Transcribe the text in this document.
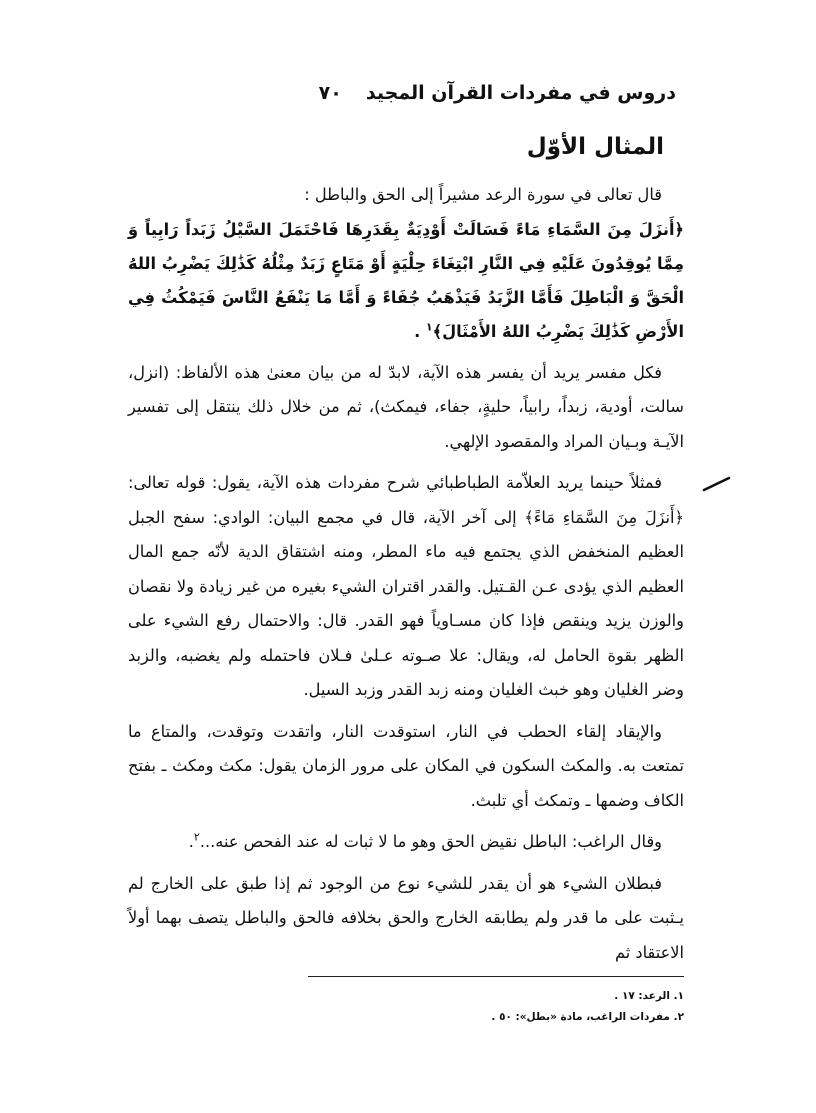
دروس في مفردات القرآن المجيد
٧٠
المثال الأوّل

قال تعالى في سورة الرعد مشيراً إلى الحق والباطل :

﴿أَنزَلَ مِنَ السَّمَاءِ مَاءً فَسَالَتْ أَوْدِيَةٌ بِقَدَرِهَا فَاحْتَمَلَ السَّيْلُ زَبَداً رَابِياً وَ مِمَّا يُوقِدُونَ عَلَيْهِ فِي النَّارِ ابْتِغَاءَ حِلْيَةٍ أَوْ مَتَاعٍ زَبَدٌ مِثْلُهُ كَذَٰلِكَ يَضْرِبُ اللهُ الْحَقَّ وَ الْبَاطِلَ فَأَمَّا الزَّبَدُ فَيَذْهَبُ جُفَاءً وَ أَمَّا مَا يَنْفَعُ النَّاسَ فَيَمْكُثُ فِي الأَرْضِ كَذَٰلِكَ يَضْرِبُ اللهُ الأَمْثَالَ﴾$^١$ .

فكل مفسر يريد أن يفسر هذه الآية، لابدّ له من بيان معنىٰ هذه الألفاظ: (انزل، سالت، أودية، زبداً، رابياً، حليةٍ، جفاء، فيمكث)، ثم من خلال ذلك ينتقل إلى تفسير الآيـة وبـيان المراد والمقصود الإلهي.

فمثلاً حينما يريد العلاّمة الطباطبائي شرح مفردات هذه الآية، يقول: قوله تعالى: ﴿أَنزَلَ مِنَ السَّمَاءِ مَاءً﴾ إلى آخر الآية، قال في مجمع البيان: الوادي: سفح الجبل العظيم المنخفض الذي يجتمع فيه ماء المطر، ومنه اشتقاق الدية لأنّه جمع المال العظيم الذي يؤدى عـن القـتيل. والقدر اقتران الشيء بغيره من غير زيادة ولا نقصان والوزن يزيد وينقص فإذا كان مسـاوياً فهو القدر. قال: والاحتمال رفع الشيء على الظهر بقوة الحامل له، ويقال: علا صـوته عـلىٰ فـلان فاحتمله ولم يغضبه، والزبد وضر الغليان وهو خبث الغليان ومنه زبد القدر وزبد السيل.

والإيقاد إلقاء الحطب في النار، استوقدت النار، واتقدت وتوقدت، والمتاع ما تمتعت به. والمكث السكون في المكان على مرور الزمان يقول: مكث ومكث ـ بفتح الكاف وضمها ـ وتمكث أي تلبث.

وقال الراغب: الباطل نقيض الحق وهو ما لا ثبات له عند الفحص عنه...$^٢$.

فبطلان الشيء هو أن يقدر للشيء نوع من الوجود ثم إذا طبق على الخارج لم يـثبت على ما قدر ولم يطابقه الخارج والحق بخلافه فالحق والباطل يتصف بهما أولاً الاعتقاد ثم

١. الرعد: ١٧ .
٢. مفردات الراغب، مادة «بطل»: ٥٠ .
